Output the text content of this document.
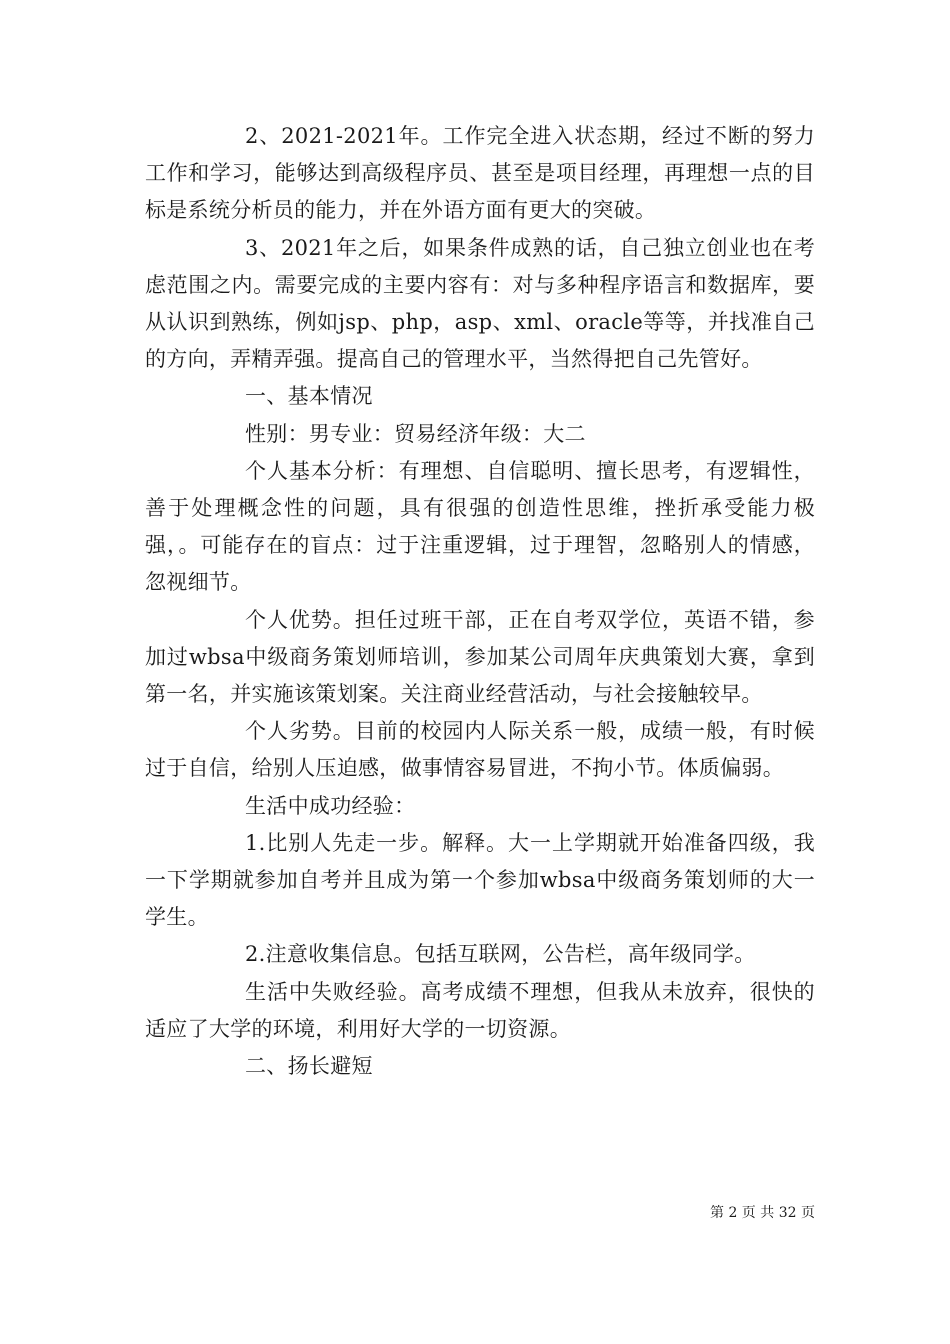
2、2021-2021年。工作完全进入状态期，经过不断的努力工作和学习，能够达到高级程序员、甚至是项目经理，再理想一点的目标是系统分析员的能力，并在外语方面有更大的突破。

3、2021年之后，如果条件成熟的话，自己独立创业也在考虑范围之内。需要完成的主要内容有：对与多种程序语言和数据库，要从认识到熟练，例如jsp、php，asp、xml、oracle等等，并找准自己的方向，弄精弄强。提高自己的管理水平，当然得把自己先管好。

一、基本情况

性别：男专业：贸易经济年级：大二

个人基本分析：有理想、自信聪明、擅长思考，有逻辑性，善于处理概念性的问题，具有很强的创造性思维，挫折承受能力极强，。可能存在的盲点：过于注重逻辑，过于理智，忽略别人的情感，忽视细节。

个人优势。担任过班干部，正在自考双学位，英语不错，参加过wbsa中级商务策划师培训，参加某公司周年庆典策划大赛，拿到第一名，并实施该策划案。关注商业经营活动，与社会接触较早。

个人劣势。目前的校园内人际关系一般，成绩一般，有时候过于自信，给别人压迫感，做事情容易冒进，不拘小节。体质偏弱。

生活中成功经验：

1.比别人先走一步。解释。大一上学期就开始准备四级，我一下学期就参加自考并且成为第一个参加wbsa中级商务策划师的大一学生。

2.注意收集信息。包括互联网，公告栏，高年级同学。

生活中失败经验。高考成绩不理想，但我从未放弃，很快的适应了大学的环境，利用好大学的一切资源。

二、扬长避短

第 2 页 共 32 页
